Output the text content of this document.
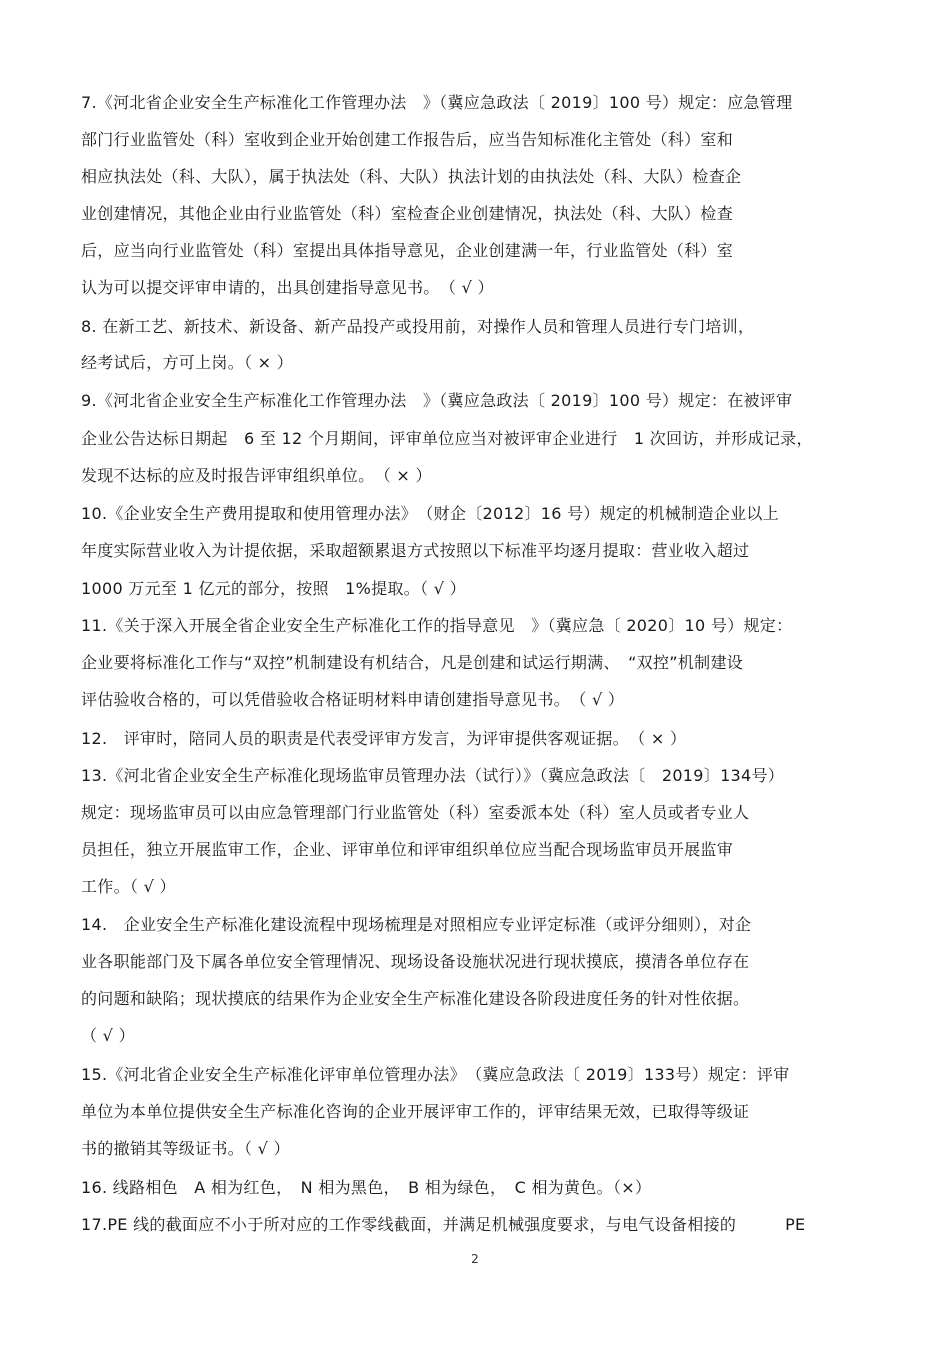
7.《河北省企业安全生产标准化工作管理办法　》（冀应急政法〔 2019〕100 号）规定：应急管理
部门行业监管处（科）室收到企业开始创建工作报告后，应当告知标准化主管处（科）室和
相应执法处（科、大队），属于执法处（科、大队）执法计划的由执法处（科、大队）检查企
业创建情况，其他企业由行业监管处（科）室检查企业创建情况，执法处（科、大队）检查
后，应当向行业监管处（科）室提出具体指导意见，企业创建满一年，行业监管处（科）室
认为可以提交评审申请的，出具创建指导意见书。　（ √ ）
8. 在新工艺、新技术、新设备、新产品投产或投用前，对操作人员和管理人员进行专门培训，
经考试后，方可上岗。（ × ）
9.《河北省企业安全生产标准化工作管理办法　》（冀应急政法〔 2019〕100 号）规定：在被评审
企业公告达标日期起　6 至 12 个月期间，评审单位应当对被评审企业进行　1 次回访，并形成记录，
发现不达标的应及时报告评审组织单位。　（ × ）
10.《企业安全生产费用提取和使用管理办法》　（财企〔2012〕16 号）规定的机械制造企业以上
年度实际营业收入为计提依据，采取超额累退方式按照以下标准平均逐月提取：营业收入超过
1000 万元至 1 亿元的部分，按照　1%提取。（ √ ）
11.《关于深入开展全省企业安全生产标准化工作的指导意见　》（冀应急〔 2020〕10 号）规定：
企业要将标准化工作与“双控”机制建设有机结合，凡是创建和试运行期满、　“双控”机制建设
评估验收合格的，可以凭借验收合格证明材料申请创建指导意见书。　（ √ ）
12.　评审时，陪同人员的职责是代表受评审方发言，为评审提供客观证据。　（ × ）
13.《河北省企业安全生产标准化现场监审员管理办法（试行）》（冀应急政法〔　2019〕134号）
规定：现场监审员可以由应急管理部门行业监管处（科）室委派本处（科）室人员或者专业人
员担任，独立开展监审工作，企业、评审单位和评审组织单位应当配合现场监审员开展监审
工作。（ √ ）
14.　企业安全生产标准化建设流程中现场梳理是对照相应专业评定标准（或评分细则），对企
业各职能部门及下属各单位安全管理情况、现场设备设施状况进行现状摸底，摸清各单位存在
的问题和缺陷；现状摸底的结果作为企业安全生产标准化建设各阶段进度任务的针对性依据。
（ √ ）
15.《河北省企业安全生产标准化评审单位管理办法》　（冀应急政法〔 2019〕133号）规定：评审
单位为本单位提供安全生产标准化咨询的企业开展评审工作的，评审结果无效，已取得等级证
书的撤销其等级证书。（ √ ）
16. 线路相色　A 相为红色，　N 相为黑色，　B 相为绿色，　C 相为黄色。（×）
17.PE 线的截面应不小于所对应的工作零线截面，并满足机械强度要求，与电气设备相接的　　　PE
2
